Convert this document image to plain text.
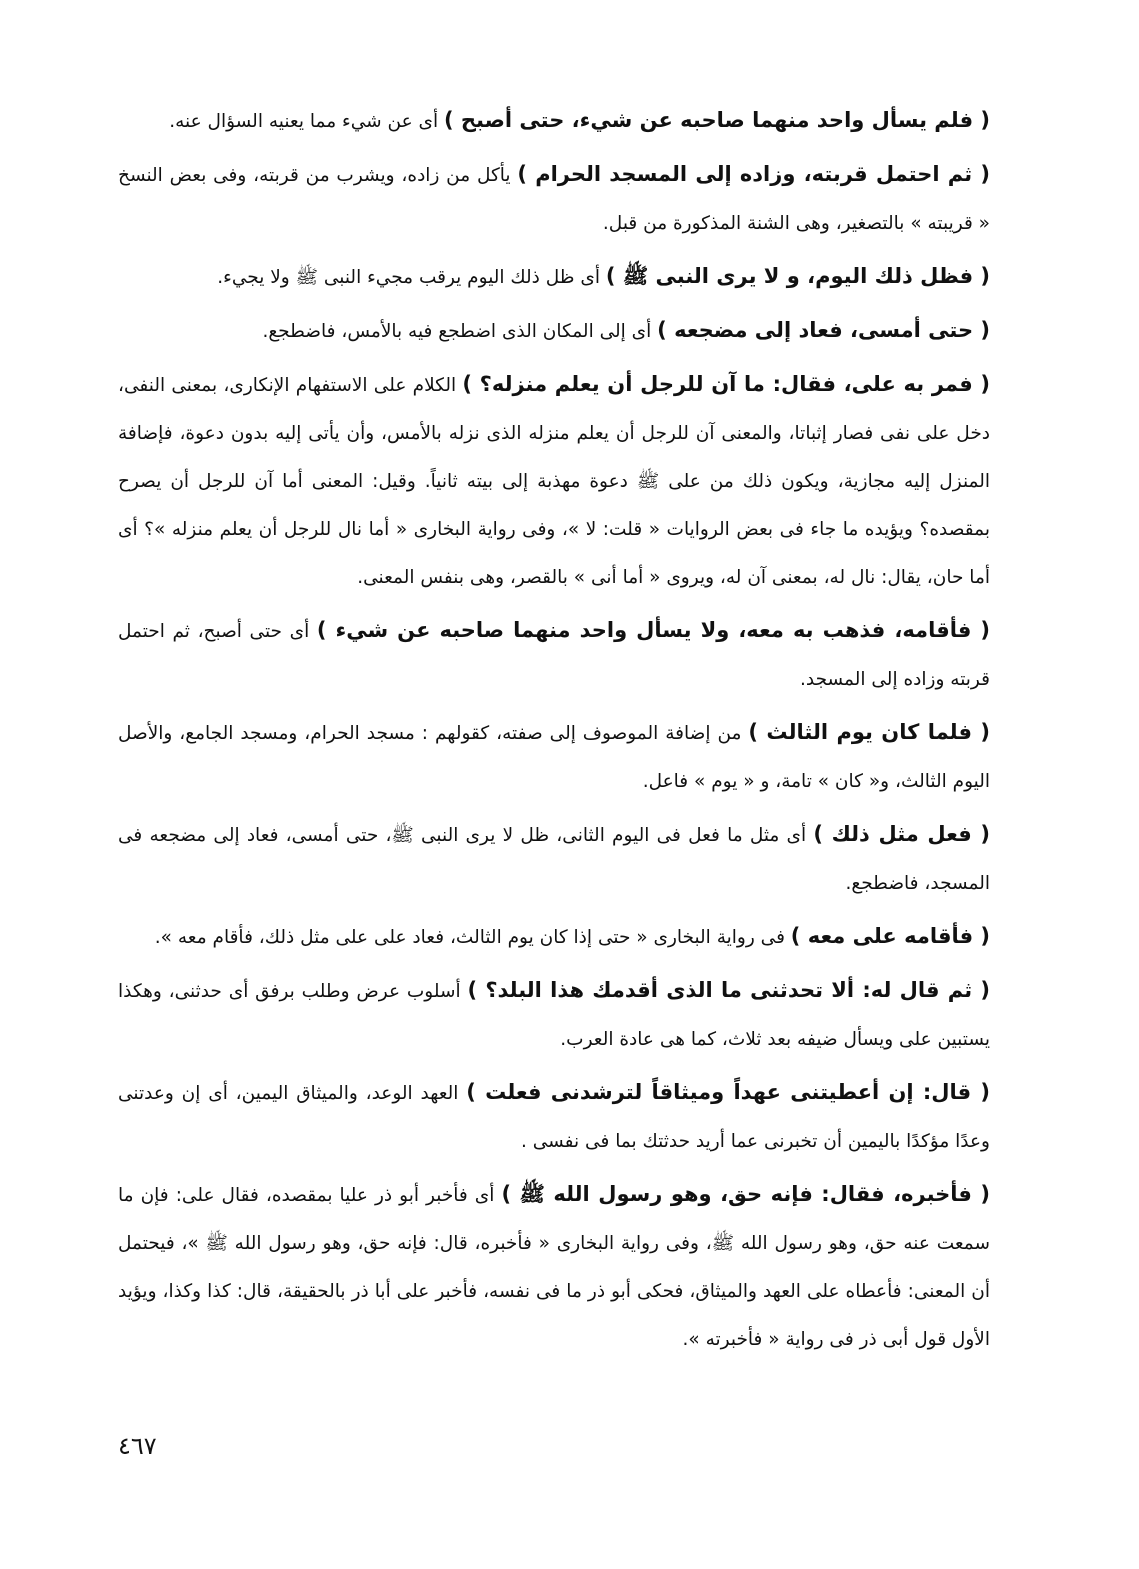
( فلم يسأل واحد منهما صاحبه عن شيء، حتى أصبح ) أى عن شيء مما يعنيه السؤال عنه.

( ثم احتمل قربته، وزاده إلى المسجد الحرام ) يأكل من زاده، ويشرب من قربته، وفى بعض النسخ « قريبته » بالتصغير، وهى الشنة المذكورة من قبل.

( فظل ذلك اليوم، و لا يرى النبى ﷺ ) أى ظل ذلك اليوم يرقب مجيء النبى ﷺ ولا يجيء.

( حتى أمسى، فعاد إلى مضجعه ) أى إلى المكان الذى اضطجع فيه بالأمس، فاضطجع.

( فمر به على، فقال: ما آن للرجل أن يعلم منزله؟ ) الكلام على الاستفهام الإنكارى، بمعنى النفى، دخل على نفى فصار إثباتا، والمعنى آن للرجل أن يعلم منزله الذى نزله بالأمس، وأن يأتى إليه بدون دعوة، فإضافة المنزل إليه مجازية، ويكون ذلك من على ﷺ دعوة مهذبة إلى بيته ثانياً. وقيل: المعنى أما آن للرجل أن يصرح بمقصده؟ ويؤيده ما جاء فى بعض الروايات « قلت: لا »، وفى رواية البخارى « أما نال للرجل أن يعلم منزله »؟ أى أما حان، يقال: نال له، بمعنى آن له، ويروى « أما أنى » بالقصر، وهى بنفس المعنى.

( فأقامه، فذهب به معه، ولا يسأل واحد منهما صاحبه عن شيء ) أى حتى أصبح، ثم احتمل قربته وزاده إلى المسجد.

( فلما كان يوم الثالث ) من إضافة الموصوف إلى صفته، كقولهم : مسجد الحرام، ومسجد الجامع، والأصل اليوم الثالث، و« كان » تامة، و « يوم » فاعل.

( فعل مثل ذلك ) أى مثل ما فعل فى اليوم الثانى، ظل لا يرى النبى ﷺ، حتى أمسى، فعاد إلى مضجعه فى المسجد، فاضطجع.

( فأقامه على معه ) فى رواية البخارى « حتى إذا كان يوم الثالث، فعاد على على مثل ذلك، فأقام معه ».

( ثم قال له: ألا تحدثنى ما الذى أقدمك هذا البلد؟ ) أسلوب عرض وطلب برفق أى حدثنى، وهكذا يستبين على ويسأل ضيفه بعد ثلاث، كما هى عادة العرب.

( قال: إن أعطيتنى عهداً وميثاقاً لترشدنى فعلت ) العهد الوعد، والميثاق اليمين، أى إن وعدتنى وعدًا مؤكدًا باليمين أن تخبرنى عما أريد حدثتك بما فى نفسى .

( فأخبره، فقال: فإنه حق، وهو رسول الله ﷺ ) أى فأخبر أبو ذر عليا بمقصده، فقال على: فإن ما سمعت عنه حق، وهو رسول الله ﷺ، وفى رواية البخارى « فأخبره، قال: فإنه حق، وهو رسول الله ﷺ »، فيحتمل أن المعنى: فأعطاه على العهد والميثاق، فحكى أبو ذر ما فى نفسه، فأخبر على أبا ذر بالحقيقة، قال: كذا وكذا، ويؤيد الأول قول أبى ذر فى رواية « فأخبرته ».

٤٦٧
